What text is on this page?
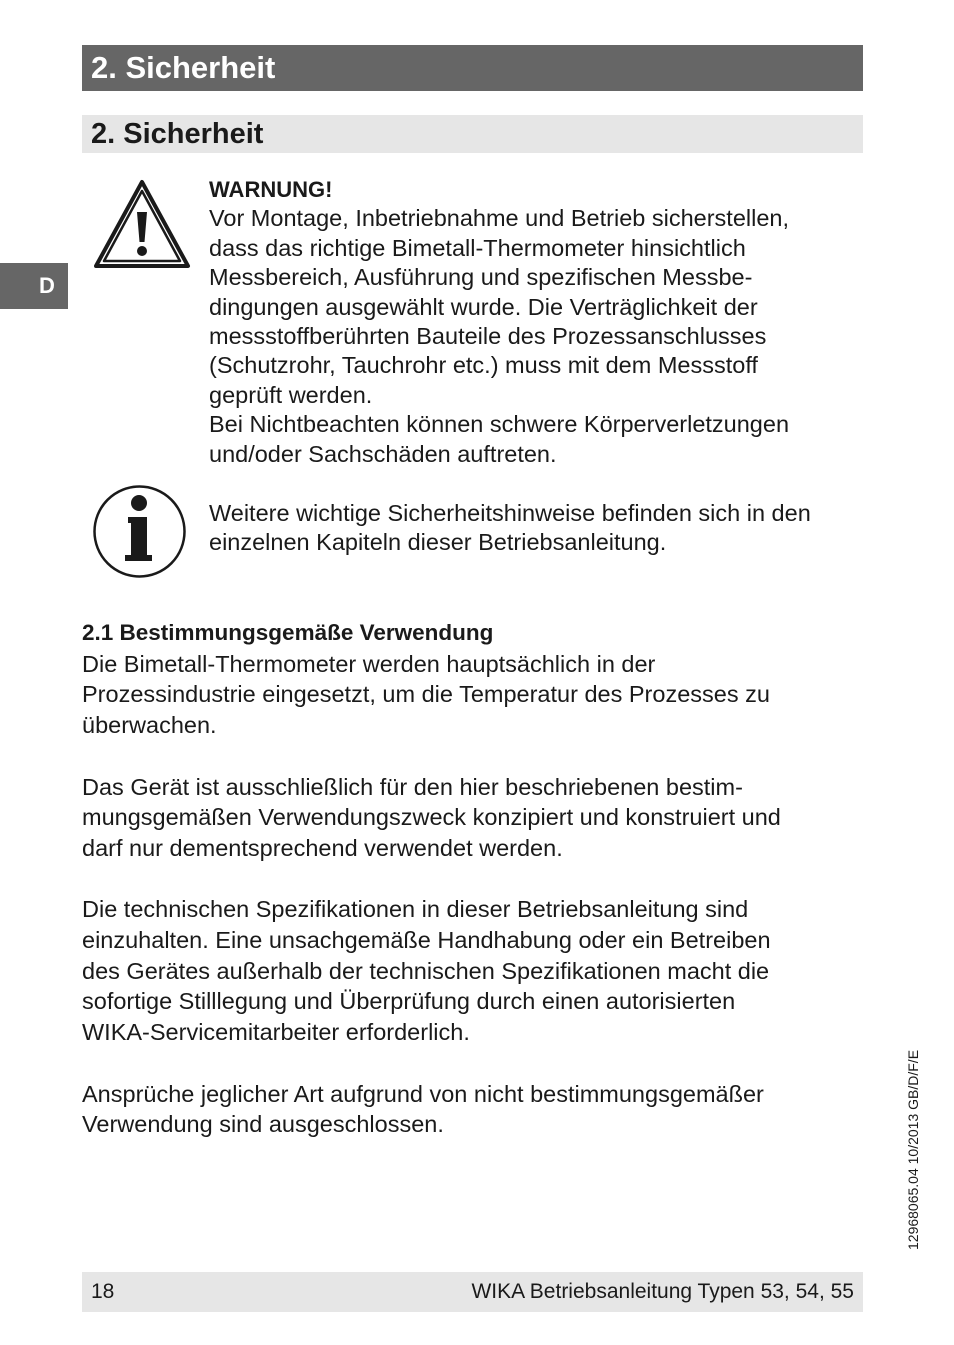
2. Sicherheit
2. Sicherheit
D
WARNUNG!
Vor Montage, Inbetriebnahme und Betrieb sicherstellen,
dass das richtige Bimetall-Thermometer hinsichtlich
Messbereich, Ausführung und spezifischen Messbe-
dingungen ausgewählt wurde. Die Verträglichkeit der
messstoffberührten Bauteile des Prozessanschlusses
(Schutzrohr, Tauchrohr etc.) muss mit dem Messstoff
geprüft werden.
Bei Nichtbeachten können schwere Körperverletzungen
und/oder Sachschäden auftreten.
Weitere wichtige Sicherheitshinweise befinden sich in den
einzelnen Kapiteln dieser Betriebsanleitung.
2.1 Bestimmungsgemäße Verwendung

Die Bimetall-Thermometer werden hauptsächlich in der
Prozessindustrie eingesetzt, um die Temperatur des Prozesses zu
überwachen.

Das Gerät ist ausschließlich für den hier beschriebenen bestim-
mungsgemäßen Verwendungszweck konzipiert und konstruiert und
darf nur dementsprechend verwendet werden.

Die technischen Spezifikationen in dieser Betriebsanleitung sind
einzuhalten. Eine unsachgemäße Handhabung oder ein Betreiben
des Gerätes außerhalb der technischen Spezifikationen macht die
sofortige Stilllegung und Überprüfung durch einen autorisierten
WIKA-Servicemitarbeiter erforderlich.

Ansprüche jeglicher Art aufgrund von nicht bestimmungsgemäßer
Verwendung sind ausgeschlossen.	12968065.04 10/2013 GB/D/F/E
18	WIKA Betriebsanleitung Typen 53, 54, 55
